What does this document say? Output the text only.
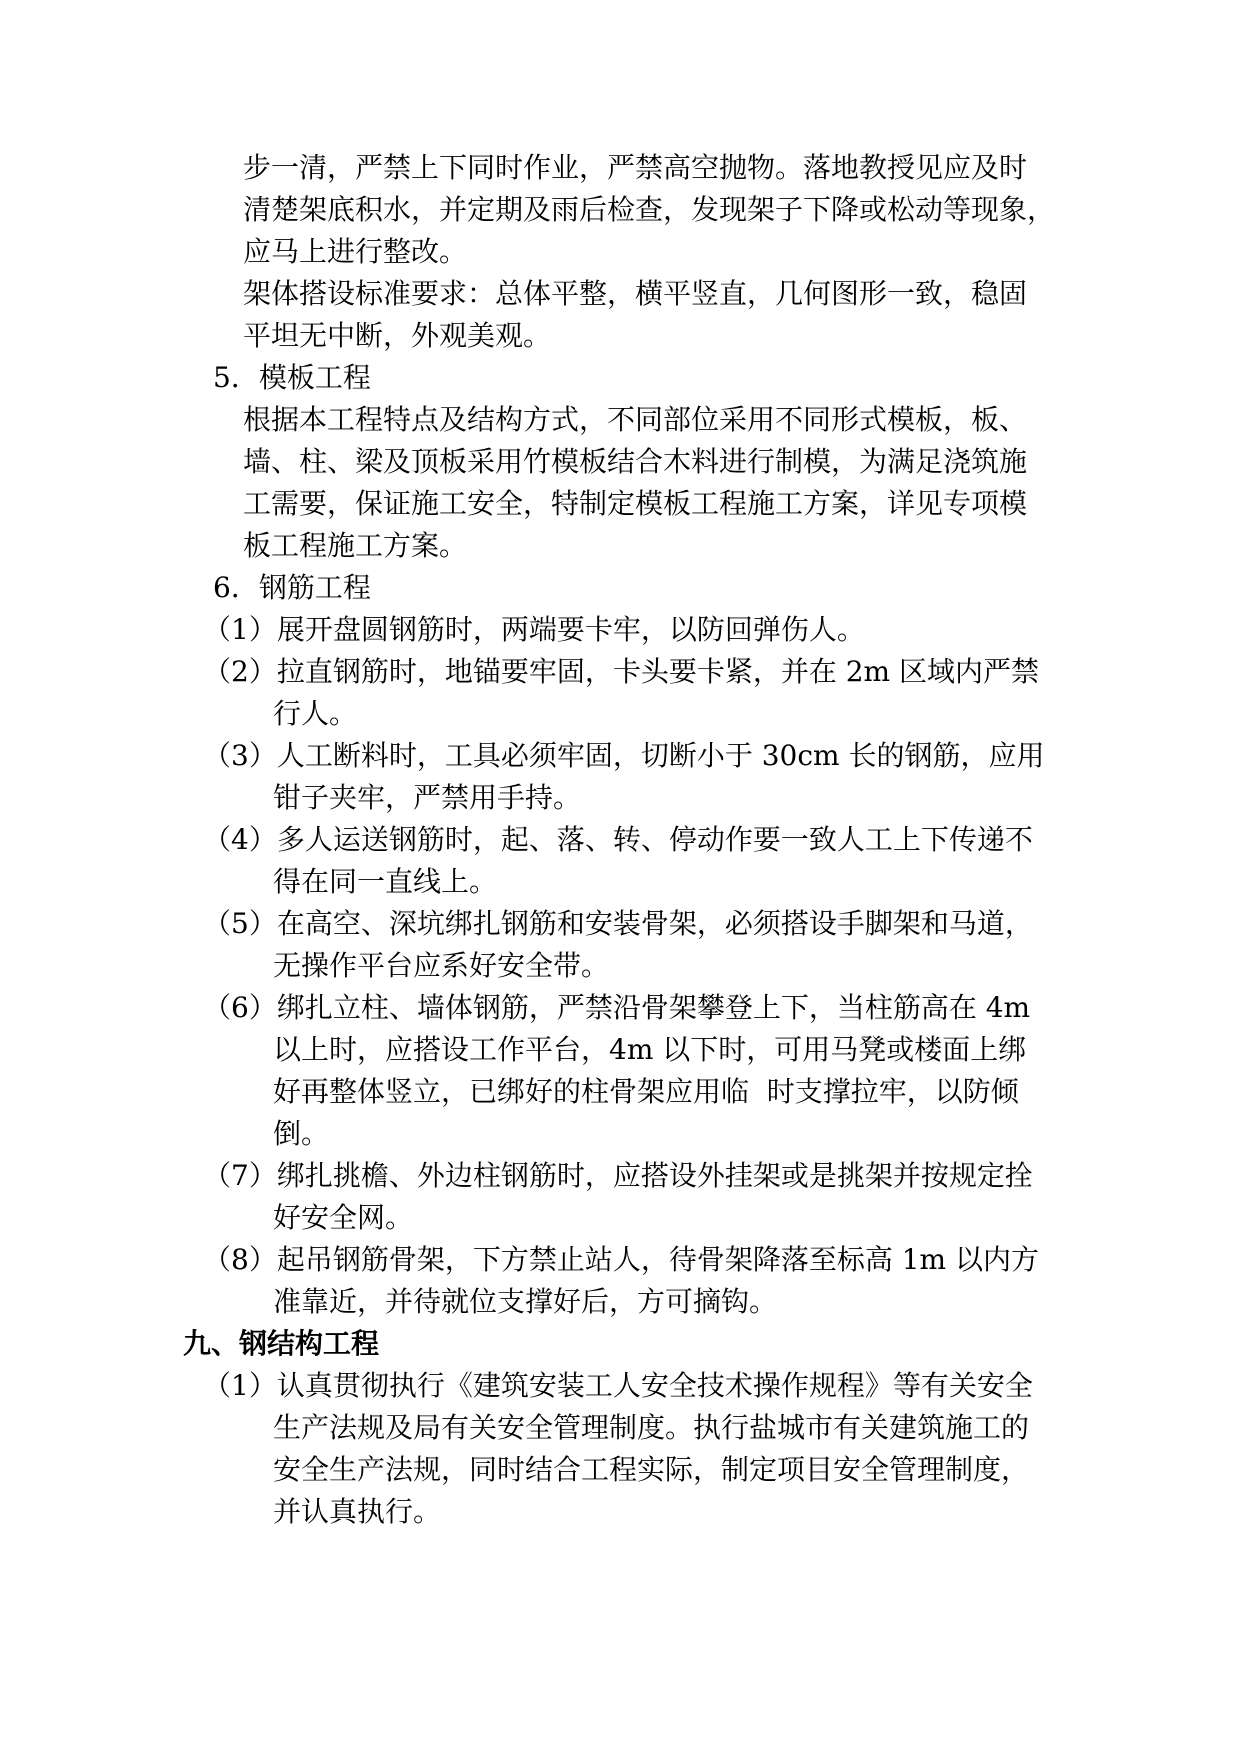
步一清，严禁上下同时作业，严禁高空抛物。落地教授见应及时
清楚架底积水，并定期及雨后检查，发现架子下降或松动等现象，
应马上进行整改。
架体搭设标准要求：总体平整，横平竖直，几何图形一致，稳固
平坦无中断，外观美观。
5．模板工程
根据本工程特点及结构方式，不同部位采用不同形式模板，板、
墙、柱、梁及顶板采用竹模板结合木料进行制模，为满足浇筑施
工需要，保证施工安全，特制定模板工程施工方案，详见专项模
板工程施工方案。
6．钢筋工程
（1）展开盘圆钢筋时，两端要卡牢，以防回弹伤人。
（2）拉直钢筋时，地锚要牢固，卡头要卡紧，并在 2m 区域内严禁
行人。
（3）人工断料时，工具必须牢固，切断小于 30cm 长的钢筋，应用
钳子夹牢，严禁用手持。
（4）多人运送钢筋时，起、落、转、停动作要一致人工上下传递不
得在同一直线上。
（5）在高空、深坑绑扎钢筋和安装骨架，必须搭设手脚架和马道，
无操作平台应系好安全带。
（6）绑扎立柱、墙体钢筋，严禁沿骨架攀登上下，当柱筋高在 4m
以上时，应搭设工作平台，4m 以下时，可用马凳或楼面上绑
好再整体竖立，已绑好的柱骨架应用临  时支撑拉牢，以防倾
倒。
（7）绑扎挑檐、外边柱钢筋时，应搭设外挂架或是挑架并按规定拴
好安全网。
（8）起吊钢筋骨架，下方禁止站人，待骨架降落至标高 1m 以内方
准靠近，并待就位支撑好后，方可摘钩。
九、钢结构工程
（1）认真贯彻执行《建筑安装工人安全技术操作规程》等有关安全
生产法规及局有关安全管理制度。执行盐城市有关建筑施工的
安全生产法规，同时结合工程实际，制定项目安全管理制度，
并认真执行。
